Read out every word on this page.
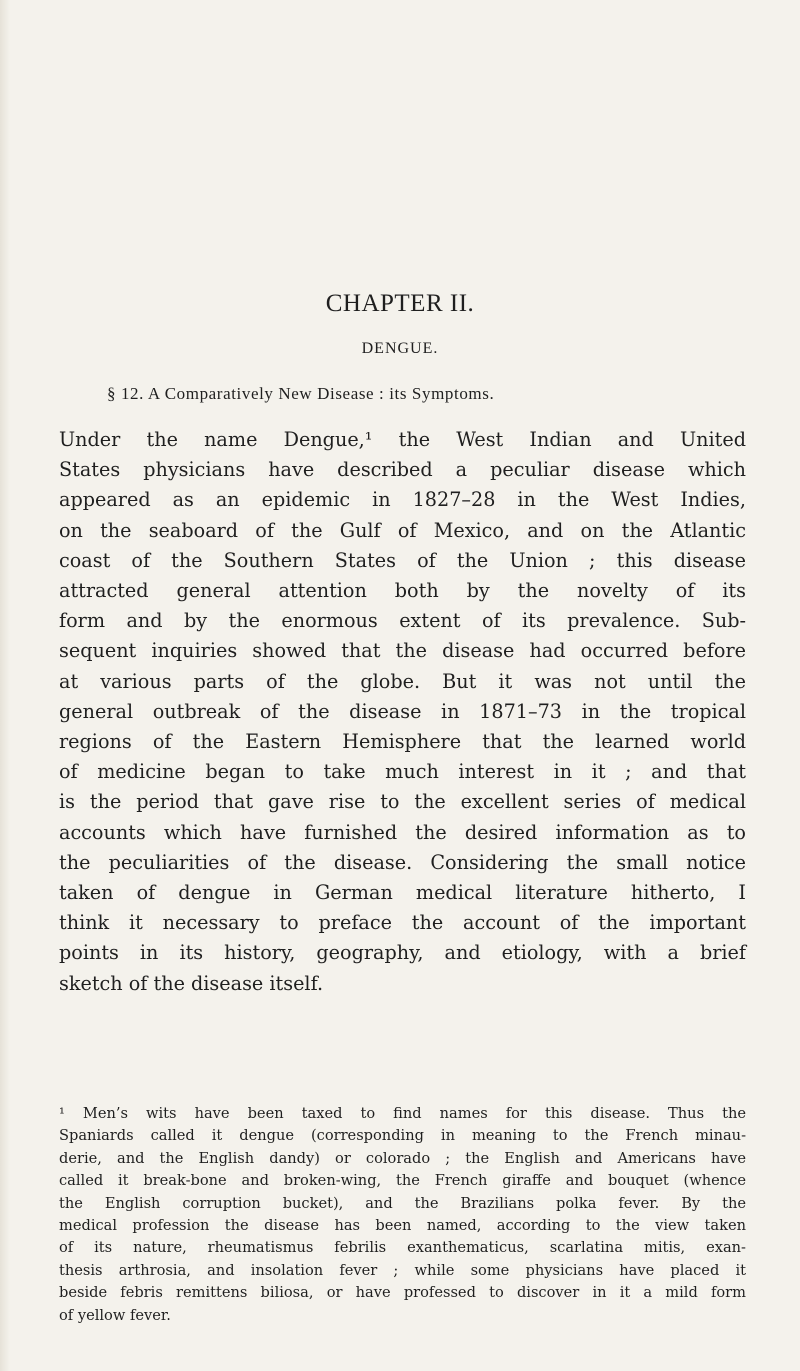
CHAPTER II.
DENGUE.
§ 12. A Comparatively New Disease : its Symptoms.
Under the name Dengue,¹ the West Indian and United
States physicians have described a peculiar disease which
appeared as an epidemic in 1827–28 in the West Indies,
on the seaboard of the Gulf of Mexico, and on the Atlantic
coast of the Southern States of the Union ; this disease
attracted general attention both by the novelty of its
form and by the enormous extent of its prevalence. Sub-
sequent inquiries showed that the disease had occurred before
at various parts of the globe. But it was not until the
general outbreak of the disease in 1871–73 in the tropical
regions of the Eastern Hemisphere that the learned world
of medicine began to take much interest in it ; and that
is the period that gave rise to the excellent series of medical
accounts which have furnished the desired information as to
the peculiarities of the disease. Considering the small notice
taken of dengue in German medical literature hitherto, I
think it necessary to preface the account of the important
points in its history, geography, and etiology, with a brief
sketch of the disease itself.
¹ Men’s wits have been taxed to find names for this disease. Thus the
Spaniards called it dengue (corresponding in meaning to the French minau-
derie, and the English dandy) or colorado ; the English and Americans have
called it break-bone and broken-wing, the French giraffe and bouquet (whence
the English corruption bucket), and the Brazilians polka fever. By the
medical profession the disease has been named, according to the view taken
of its nature, rheumatismus febrilis exanthematicus, scarlatina mitis, exan-
thesis arthrosia, and insolation fever ; while some physicians have placed it
beside febris remittens biliosa, or have professed to discover in it a mild form
of yellow fever.
